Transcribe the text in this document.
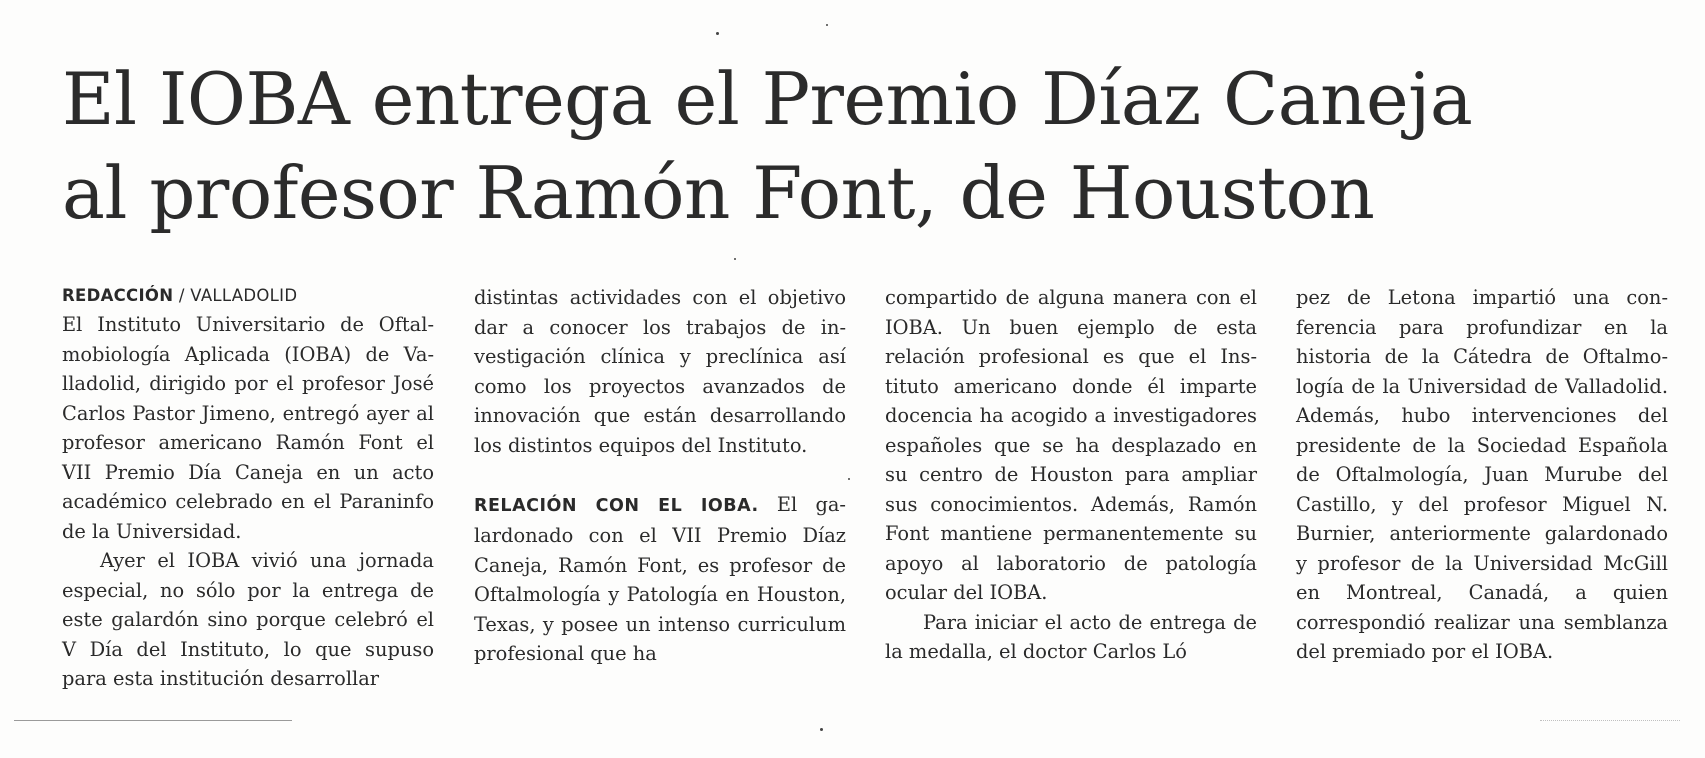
El IOBA entrega el Premio Díaz Caneja
al profesor Ramón Font, de Houston
REDACCIÓN / VALLADOLID

El Instituto Universitario de Oftalmobiología Aplicada (IOBA) de Valladolid, dirigido por el profesor José Carlos Pastor Jimeno, entregó ayer al profesor americano Ramón Font el VII Premio Día Caneja en un acto académico celebrado en el Paraninfo de la Universidad.

Ayer el IOBA vivió una jornada especial, no sólo por la entrega de este galardón sino porque celebró el V Día del Instituto, lo que supuso para esta institución desarrollar

distintas actividades con el objetivo dar a conocer los trabajos de investigación clínica y preclínica así como los proyectos avanzados de innovación que están desarrollando los distintos equipos del Instituto.

RELACIÓN CON EL IOBA. El galardonado con el VII Premio Díaz Caneja, Ramón Font, es profesor de Oftalmología y Patología en Houston, Texas, y posee un intenso curriculum profesional que ha

compartido de alguna manera con el IOBA. Un buen ejemplo de esta relación profesional es que el Instituto americano donde él imparte docencia ha acogido a investigadores españoles que se ha desplazado en su centro de Houston para ampliar sus conocimientos. Además, Ramón Font mantiene permanentemente su apoyo al laboratorio de patología ocular del IOBA.

Para iniciar el acto de entrega de la medalla, el doctor Carlos Ló

pez de Letona impartió una conferencia para profundizar en la historia de la Cátedra de Oftalmología de la Universidad de Valladolid. Además, hubo intervenciones del presidente de la Sociedad Española de Oftalmología, Juan Murube del Castillo, y del profesor Miguel N. Burnier, anteriormente galardonado y profesor de la Universidad McGill en Montreal, Canadá, a quien correspondió realizar una semblanza del premiado por el IOBA.
